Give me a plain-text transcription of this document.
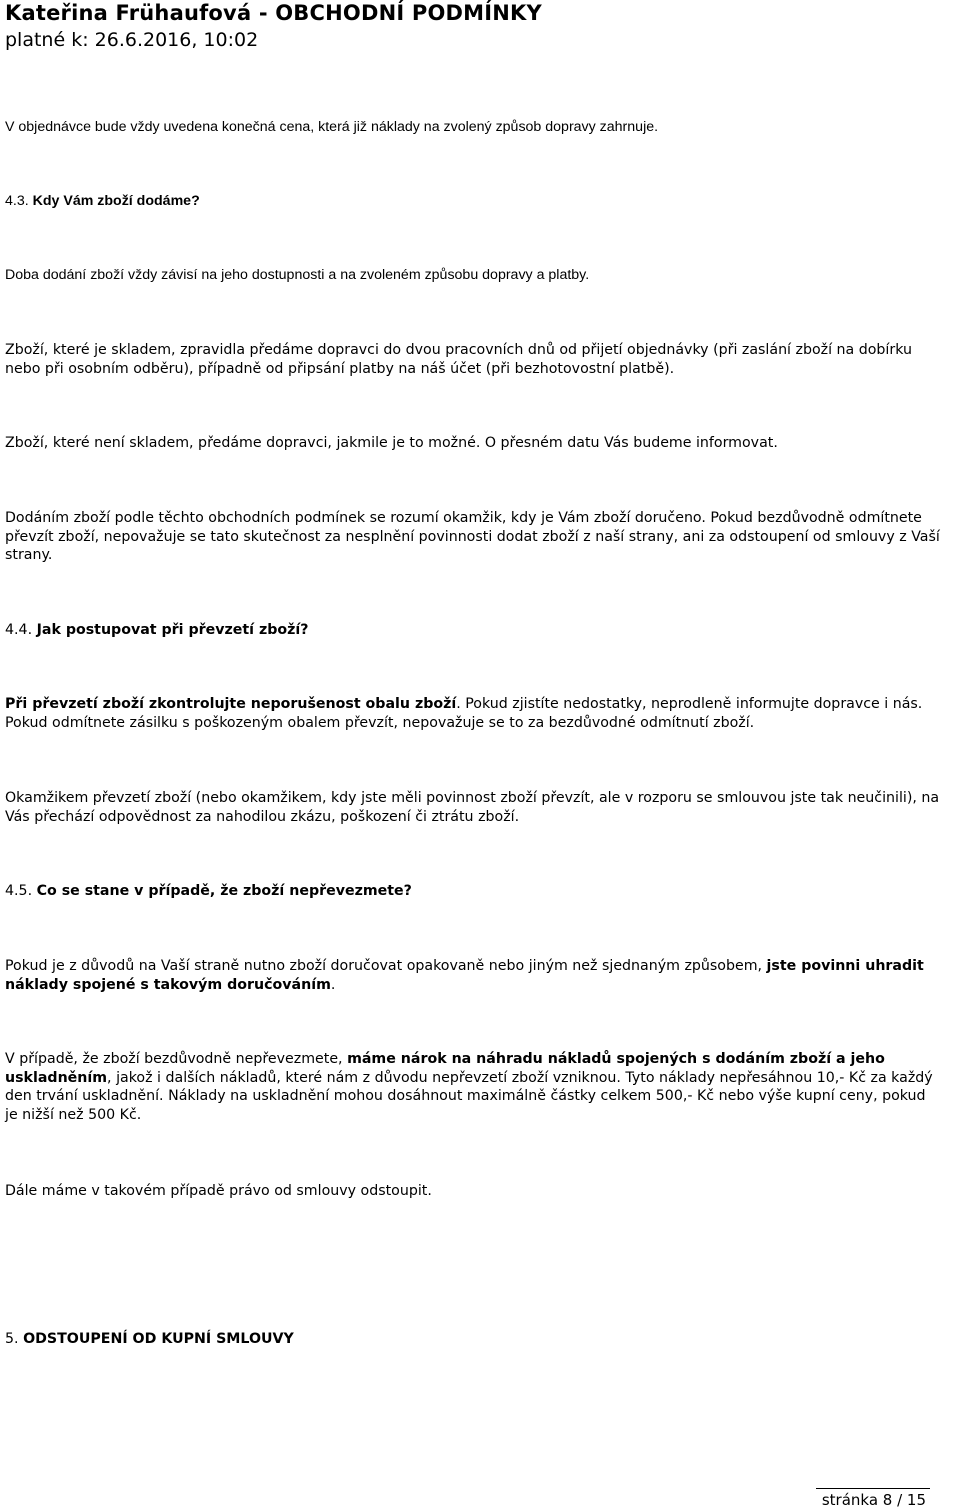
Kateřina Frühaufová - OBCHODNÍ PODMÍNKY
platné k: 26.6.2016, 10:02

V objednávce bude vždy uvedena konečná cena, která již náklady na zvolený způsob dopravy zahrnuje.

4.3. Kdy Vám zboží dodáme?

Doba dodání zboží vždy závisí na jeho dostupnosti a na zvoleném způsobu dopravy a platby.

Zboží, které je skladem, zpravidla předáme dopravci do dvou pracovních dnů od přijetí objednávky (při zaslání zboží na dobírku nebo při osobním odběru), případně od připsání platby na náš účet (při bezhotovostní platbě).

Zboží, které není skladem, předáme dopravci, jakmile je to možné. O přesném datu Vás budeme informovat.

Dodáním zboží podle těchto obchodních podmínek se rozumí okamžik, kdy je Vám zboží doručeno. Pokud bezdůvodně odmítnete převzít zboží, nepovažuje se tato skutečnost za nesplnění povinnosti dodat zboží z naší strany, ani za odstoupení od smlouvy z Vaší strany.

4.4. Jak postupovat při převzetí zboží?

Při převzetí zboží zkontrolujte neporušenost obalu zboží. Pokud zjistíte nedostatky, neprodleně informujte dopravce i nás. Pokud odmítnete zásilku s poškozeným obalem převzít, nepovažuje se to za bezdůvodné odmítnutí zboží.

Okamžikem převzetí zboží (nebo okamžikem, kdy jste měli povinnost zboží převzít, ale v rozporu se smlouvou jste tak neučinili), na Vás přechází odpovědnost za nahodilou zkázu, poškození či ztrátu zboží.

4.5. Co se stane v případě, že zboží nepřevezmete?

Pokud je z důvodů na Vaší straně nutno zboží doručovat opakovaně nebo jiným než sjednaným způsobem, jste povinni uhradit náklady spojené s takovým doručováním.

V případě, že zboží bezdůvodně nepřevezmete, máme nárok na náhradu nákladů spojených s dodáním zboží a jeho uskladněním, jakož i dalších nákladů, které nám z důvodu nepřevzetí zboží vzniknou. Tyto náklady nepřesáhnou 10,- Kč za každý den trvání uskladnění. Náklady na uskladnění mohou dosáhnout maximálně částky celkem 500,- Kč nebo výše kupní ceny, pokud je nižší než 500 Kč.

Dále máme v takovém případě právo od smlouvy odstoupit.

5. ODSTOUPENÍ OD KUPNÍ SMLOUVY

stránka 8 / 15
